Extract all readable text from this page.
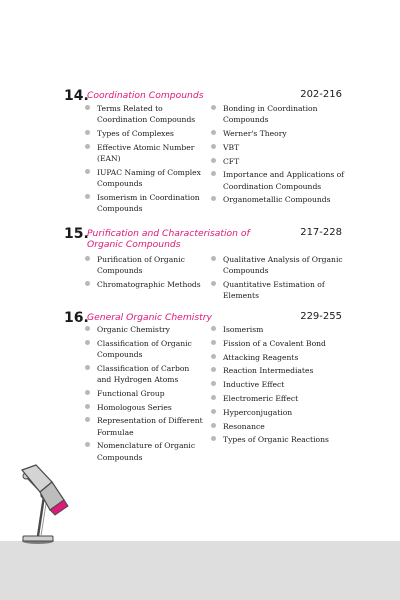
14.
Coordination Compounds	202-216
Terms Related to Coordination Compounds
Types of Complexes
Effective Atomic Number (EAN)
IUPAC Naming of Complex Compounds
Isomerism in Coordination Compounds
Bonding in Coordination Compounds
Werner's Theory
VBT
CFT
Importance and Applications of Coordination Compounds
Organometallic Compounds
15.
Purification and Characterisation of Organic Compounds
217-228
Purification of Organic Compounds
Chromatographic Methods
Qualitative Analysis of Organic Compounds
Quantitative Estimation of Elements
16.
General Organic Chemistry	229-255
Organic Chemistry
Classification of Organic Compounds
Classification of Carbon and Hydrogen Atoms
Functional Group
Homologous Series
Representation of Different Formulae
Nomenclature of Organic Compounds
Isomerism
Fission of a Covalent Bond
Attacking Reagents
Reaction Intermediates
Inductive Effect
Electromeric Effect
Hyperconjugation
Resonance
Types of Organic Reactions
